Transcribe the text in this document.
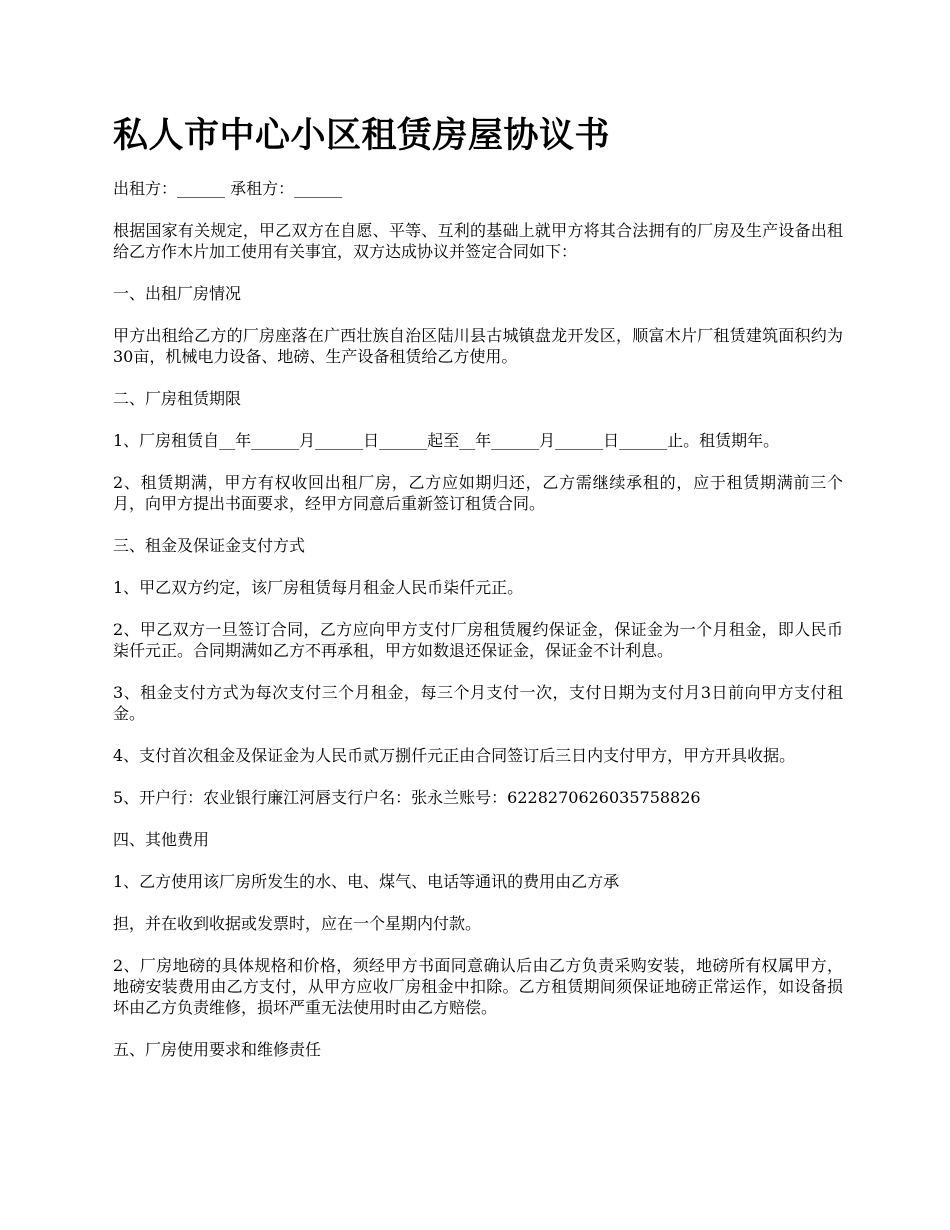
私人市中心小区租赁房屋协议书

出租方：______ 承租方：______

根据国家有关规定，甲乙双方在自愿、平等、互利的基础上就甲方将其合法拥有的厂房及生产设备出租给乙方作木片加工使用有关事宜，双方达成协议并签定合同如下：

一、出租厂房情况

甲方出租给乙方的厂房座落在广西壮族自治区陆川县古城镇盘龙开发区，顺富木片厂租赁建筑面积约为30亩，机械电力设备、地磅、生产设备租赁给乙方使用。

二、厂房租赁期限

1、厂房租赁自__年______月______日______起至__年______月______日______止。租赁期年。

2、租赁期满，甲方有权收回出租厂房，乙方应如期归还，乙方需继续承租的，应于租赁期满前三个月，向甲方提出书面要求，经甲方同意后重新签订租赁合同。

三、租金及保证金支付方式

1、甲乙双方约定，该厂房租赁每月租金人民币柒仟元正。

2、甲乙双方一旦签订合同，乙方应向甲方支付厂房租赁履约保证金，保证金为一个月租金，即人民币柒仟元正。合同期满如乙方不再承租，甲方如数退还保证金，保证金不计利息。

3、租金支付方式为每次支付三个月租金，每三个月支付一次，支付日期为支付月3日前向甲方支付租金。

4、支付首次租金及保证金为人民币贰万捌仟元正由合同签订后三日内支付甲方，甲方开具收据。

5、开户行：农业银行廉江河唇支行户名：张永兰账号：6228270626035758826

四、其他费用

1、乙方使用该厂房所发生的水、电、煤气、电话等通讯的费用由乙方承

担，并在收到收据或发票时，应在一个星期内付款。

2、厂房地磅的具体规格和价格，须经甲方书面同意确认后由乙方负责采购安装，地磅所有权属甲方，地磅安装费用由乙方支付，从甲方应收厂房租金中扣除。乙方租赁期间须保证地磅正常运作，如设备损坏由乙方负责维修，损坏严重无法使用时由乙方赔偿。

五、厂房使用要求和维修责任
